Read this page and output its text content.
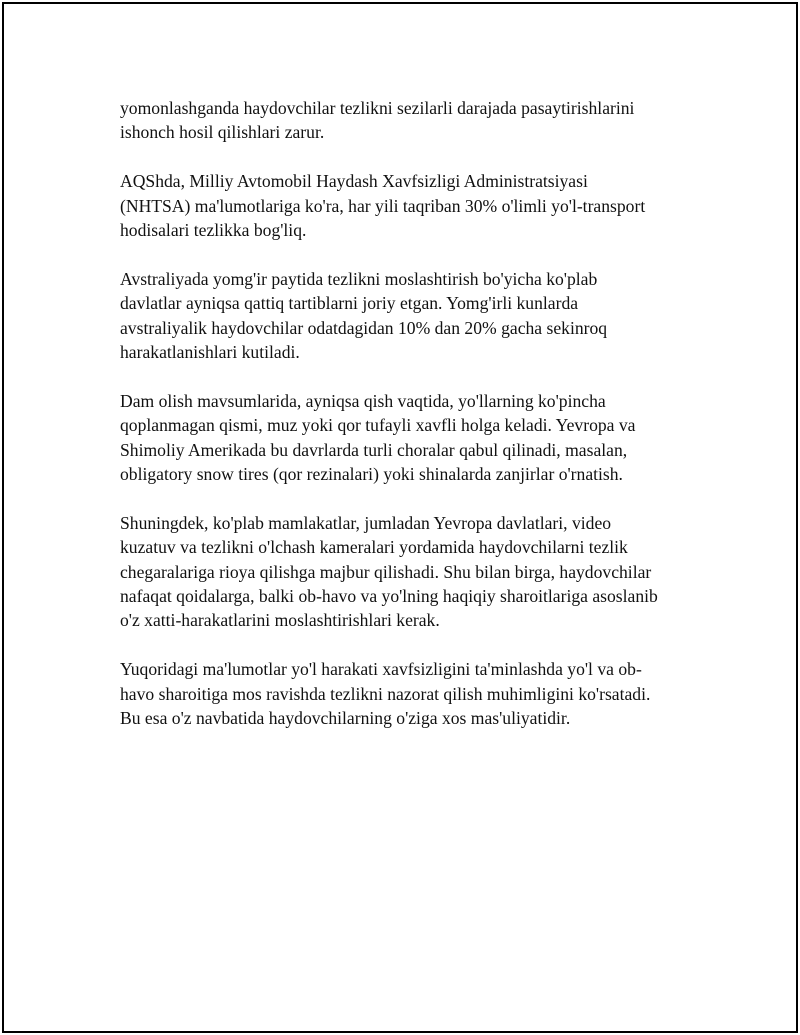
yomonlashganda haydovchilar tezlikni sezilarli darajada pasaytirishlarini
ishonch hosil qilishlari zarur.

AQShda, Milliy Avtomobil Haydash Xavfsizligi Administratsiyasi
(NHTSA) ma'lumotlariga ko'ra, har yili taqriban 30% o'limli yo'l-transport
hodisalari tezlikka bog'liq.

Avstraliyada yomg'ir paytida tezlikni moslashtirish bo'yicha ko'plab
davlatlar ayniqsa qattiq tartiblarni joriy etgan. Yomg'irli kunlarda
avstraliyalik haydovchilar odatdagidan 10% dan 20% gacha sekinroq
harakatlanishlari kutiladi.

Dam olish mavsumlarida, ayniqsa qish vaqtida, yo'llarning ko'pincha
qoplanmagan qismi, muz yoki qor tufayli xavfli holga keladi. Yevropa va
Shimoliy Amerikada bu davrlarda turli choralar qabul qilinadi, masalan,
obligatory snow tires (qor rezinalari) yoki shinalarda zanjirlar o'rnatish.

Shuningdek, ko'plab mamlakatlar, jumladan Yevropa davlatlari, video
kuzatuv va tezlikni o'lchash kameralari yordamida haydovchilarni tezlik
chegaralariga rioya qilishga majbur qilishadi. Shu bilan birga, haydovchilar
nafaqat qoidalarga, balki ob-havo va yo'lning haqiqiy sharoitlariga asoslanib
o'z xatti-harakatlarini moslashtirishlari kerak.

Yuqoridagi ma'lumotlar yo'l harakati xavfsizligini ta'minlashda yo'l va ob-
havo sharoitiga mos ravishda tezlikni nazorat qilish muhimligini ko'rsatadi.
Bu esa o'z navbatida haydovchilarning o'ziga xos mas'uliyatidir.
